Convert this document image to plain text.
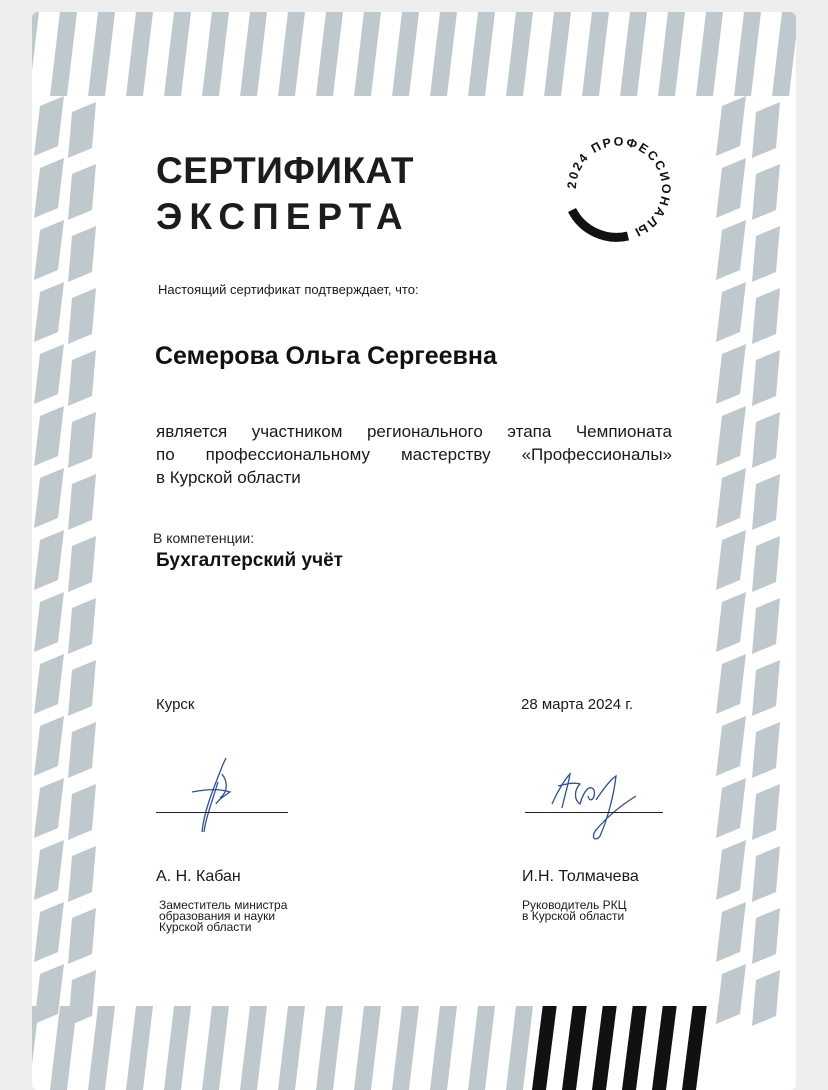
СЕРТИФИКАТ
ЭКСПЕРТА
2024 ПРОФЕССИОНАЛЫ
Настоящий сертификат подтверждает, что:
Семерова Ольга Сергеевна
является участником регионального этапа Чемпионата
по профессиональному мастерству «Профессионалы»
в Курской области
В компетенции:
Бухгалтерский учёт
Курск	28 марта 2024 г.
А. Н. Кабан
Заместитель министра
образования и науки
Курской области
И.Н. Толмачева
Руководитель РКЦ
в Курской области
